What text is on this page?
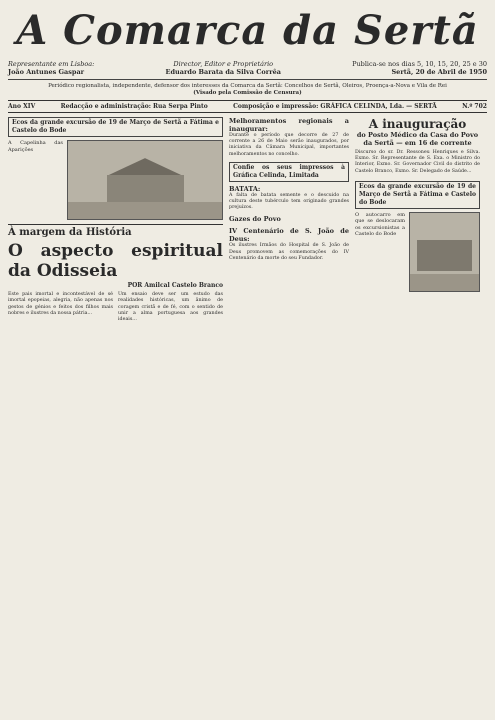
A Comarca da Sertã
Representante em Lisboa:
João Antunes Gaspar
Director, Editor e Proprietário
Eduardo Barata da Silva Corrêa
Publica-se nos dias 5, 10, 15, 20, 25 e 30
Sertã, 20 de Abril de 1950
Periódico regionalista, independente, defensor dos interesses da Comarca da Sertã: Concelhos de Sertã, Oleiros, Proença-a-Nova e Vila de Rei
(Visado pela Comissão de Censura)
Ano XIV	Redacção e administração: Rua Serpa Pinto	Composição e impressão: GRÁFICA CELINDA, Lda. — SERTÃ	N.º 702
Ecos da grande excursão de 19 de Março de Sertã a Fátima e Castelo do Bode
A Capelinha das Aparições
À margem da História
O aspecto espiritual da Odisseia
POR Amilcal Castelo Branco
Este pais imortal e incontestável de sé imortal epopeias, alegria, não apenas nos gestos de génios e feitos dos filhos mais nobres e ilustres da nossa pátria...
Um ensaio deve ser um estudo das realidades históricas, um ânimo de coragem cristã e de fé, com o sentido de unir a alma portuguesa aos grandes ideais...
Melhoramentos regionais a inaugurar:
Durante o período que decorre de 27 de corrente a 26 de Maio serão inaugurados, por iniciativa da Câmara Municipal, importantes melhoramentos no concelho.
Confie os seus impressos à Gráfica Celinda, Limitada
BATATA:
A falta de batata semente e o descuido na cultura deste tubérculo tem originado grandes prejuízos.
Gazes do Povo
IV Centenário de S. João de Deus:
Os ilustres Irmãos do Hospital de S. João de Deus promovem as comemorações do IV Centenário da morte do seu Fundador.
A inauguração
do Posto Médico da Casa do Povo da Sertã — em 16 de corrente
Discurso do sr. Dr. Ressoneu Henriques e Silva. Exmo. Sr. Representante de S. Exa. o Ministro do Interior, Exmo. Sr. Governador Civil do distrito de Castelo Branco, Exmo. Sr. Delegado de Saúde...
Ecos da grande excursão de 19 de Março de Sertã a Fátima e Castelo do Bode
O autocarro em que se deslocaram os excursionistas a Castelo do Bode
